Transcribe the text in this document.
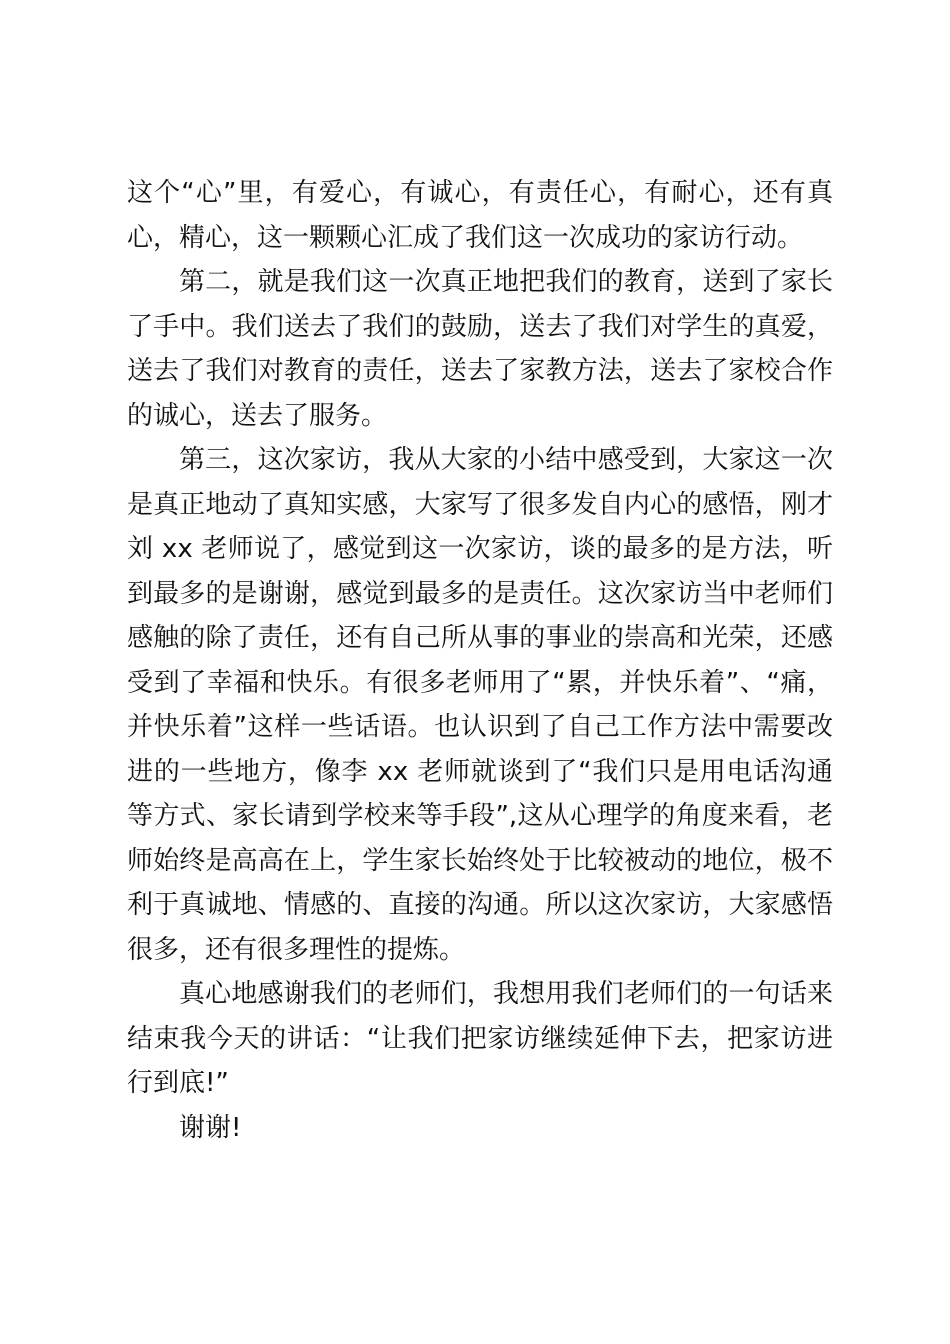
这个“心”里，有爱心，有诚心，有责任心，有耐心，还有真心，精心，这一颗颗心汇成了我们这一次成功的家访行动。

第二，就是我们这一次真正地把我们的教育，送到了家长了手中。我们送去了我们的鼓励，送去了我们对学生的真爱，送去了我们对教育的责任，送去了家教方法，送去了家校合作的诚心，送去了服务。

第三，这次家访，我从大家的小结中感受到，大家这一次是真正地动了真知实感，大家写了很多发自内心的感悟，刚才刘 xx 老师说了，感觉到这一次家访，谈的最多的是方法，听到最多的是谢谢，感觉到最多的是责任。这次家访当中老师们感触的除了责任，还有自己所从事的事业的崇高和光荣，还感受到了幸福和快乐。有很多老师用了“累，并快乐着”、“痛，并快乐着”这样一些话语。也认识到了自己工作方法中需要改进的一些地方，像李 xx 老师就谈到了“我们只是用电话沟通等方式、家长请到学校来等手段”,这从心理学的角度来看，老师始终是高高在上，学生家长始终处于比较被动的地位，极不利于真诚地、情感的、直接的沟通。所以这次家访，大家感悟很多，还有很多理性的提炼。

真心地感谢我们的老师们，我想用我们老师们的一句话来结束我今天的讲话：“让我们把家访继续延伸下去，把家访进行到底!”

谢谢!
